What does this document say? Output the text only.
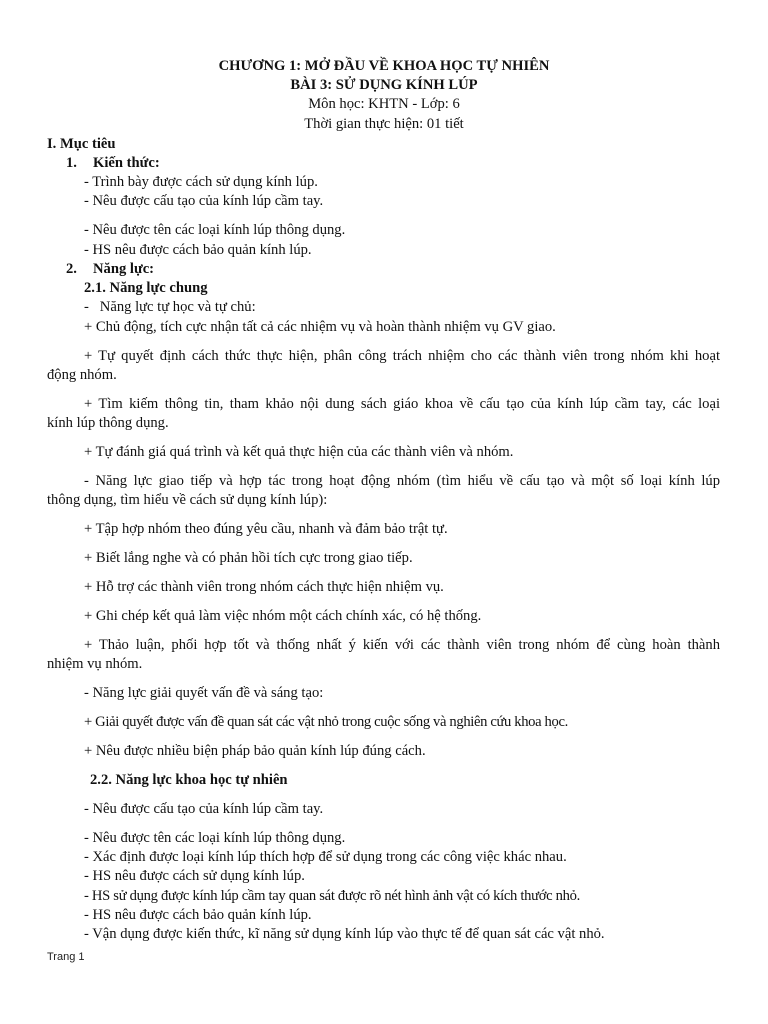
CHƯƠNG 1: MỞ ĐẦU VỀ KHOA HỌC TỰ NHIÊN
BÀI 3: SỬ DỤNG KÍNH LÚP
Môn học: KHTN - Lớp: 6
Thời gian thực hiện: 01 tiết
I. Mục tiêu
1. Kiến thức:
- Trình bày được cách sử dụng kính lúp.
- Nêu được cấu tạo của kính lúp cầm tay.
- Nêu được tên các loại kính lúp thông dụng.
- HS nêu được cách bảo quản kính lúp.
2. Năng lực:
2.1. Năng lực chung
-   Năng lực tự học và tự chủ:
+ Chủ động, tích cực nhận tất cả các nhiệm vụ và hoàn thành nhiệm vụ GV giao.
+ Tự quyết định cách thức thực hiện, phân công trách nhiệm cho các thành viên trong nhóm khi hoạt
động nhóm.
+ Tìm kiếm thông tin, tham khảo nội dung sách giáo khoa về cấu tạo của kính lúp cầm tay, các loại
kính lúp thông dụng.
+ Tự đánh giá quá trình và kết quả thực hiện của các thành viên và nhóm.
- Năng lực giao tiếp và hợp tác trong hoạt động nhóm (tìm hiểu về cấu tạo và một số loại kính lúp
thông dụng, tìm hiểu về cách sử dụng kính lúp):
+ Tập hợp nhóm theo đúng yêu cầu, nhanh và đảm bảo trật tự.
+ Biết lắng nghe và có phản hồi tích cực trong giao tiếp.
+ Hỗ trợ các thành viên trong nhóm cách thực hiện nhiệm vụ.
+ Ghi chép kết quả làm việc nhóm một cách chính xác, có hệ thống.
+ Thảo luận, phối hợp tốt và thống nhất ý kiến với các thành viên trong nhóm để cùng hoàn thành
nhiệm vụ nhóm.
- Năng lực giải quyết vấn đề và sáng tạo:
+ Giải quyết được vấn đề quan sát các vật nhỏ trong cuộc sống và nghiên cứu khoa học.
+ Nêu được nhiều biện pháp bảo quản kính lúp đúng cách.
2.2. Năng lực khoa học tự nhiên
- Nêu được cấu tạo của kính lúp cầm tay.
- Nêu được tên các loại kính lúp thông dụng.
- Xác định được loại kính lúp thích hợp để sử dụng trong các công việc khác nhau.
- HS nêu được cách sử dụng kính lúp.
- HS sử dụng được kính lúp cầm tay quan sát được rõ nét hình ảnh vật có kích thước nhỏ.
- HS nêu được cách bảo quản kính lúp.
- Vận dụng được kiến thức, kĩ năng sử dụng kính lúp vào thực tế để quan sát các vật nhỏ.
Trang 1
